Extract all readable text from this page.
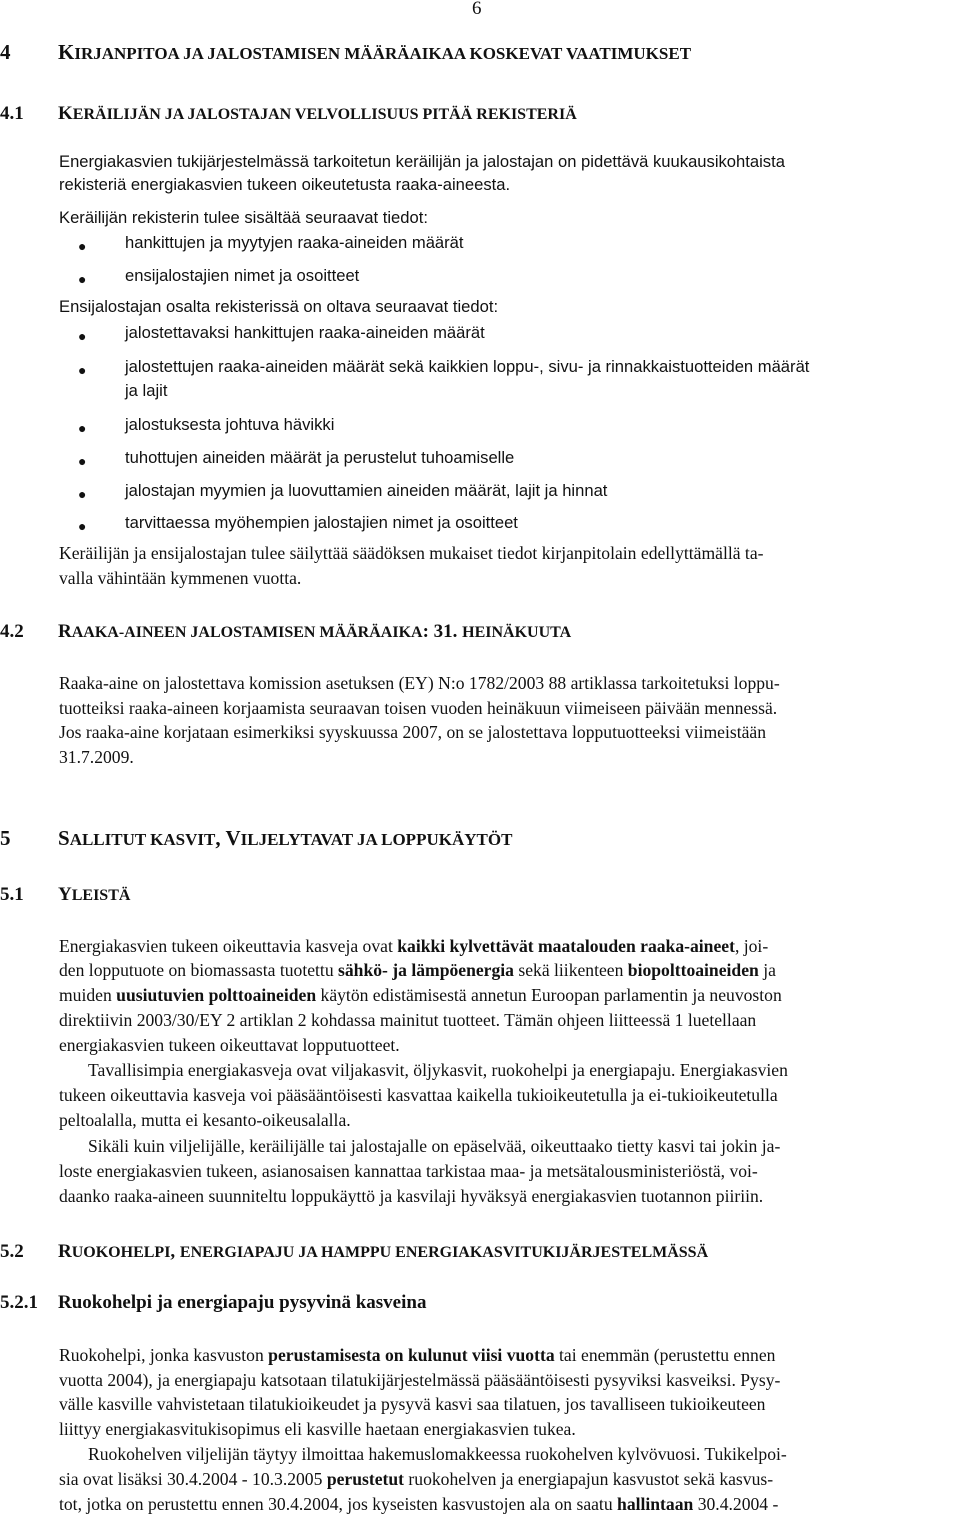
6
4 KIRJANPITOA JA JALOSTAMISEN MÄÄRÄAIKAA KOSKEVAT VAATIMUKSET
4.1 KERÄILIJÄN JA JALOSTAJAN VELVOLLISUUS PITÄÄ REKISTERIÄ
Energiakasvien tukijärjestelmässä tarkoitetun keräilijän ja jalostajan on pidettävä kuukausikohtaista
rekisteriä energiakasvien tukeen oikeutetusta raaka-aineesta.
Keräilijän rekisterin tulee sisältää seuraavat tiedot:
● hankittujen ja myytyjen raaka-aineiden määrät
● ensijalostajien nimet ja osoitteet
Ensijalostajan osalta rekisterissä on oltava seuraavat tiedot:
● jalostettavaksi hankittujen raaka-aineiden määrät
● jalostettujen raaka-aineiden määrät sekä kaikkien loppu-, sivu- ja rinnakkaistuotteiden määrät
ja lajit
● jalostuksesta johtuva hävikki
● tuhottujen aineiden määrät ja perustelut tuhoamiselle
● jalostajan myymien ja luovuttamien aineiden määrät, lajit ja hinnat
● tarvittaessa myöhempien jalostajien nimet ja osoitteet
Keräilijän ja ensijalostajan tulee säilyttää säädöksen mukaiset tiedot kirjanpitolain edellyttämällä ta-
valla vähintään kymmenen vuotta.
4.2 RAAKA-AINEEN JALOSTAMISEN MÄÄRÄAIKA: 31. HEINÄKUUTA
Raaka-aine on jalostettava komission asetuksen (EY) N:o 1782/2003 88 artiklassa tarkoitetuksi loppu-
tuotteiksi raaka-aineen korjaamista seuraavan toisen vuoden heinäkuun viimeiseen päivään mennessä.
Jos raaka-aine korjataan esimerkiksi syyskuussa 2007, on se jalostettava lopputuotteeksi viimeistään
31.7.2009.
5 SALLITUT KASVIT, VILJELYTAVAT JA LOPPUKÄYTÖT
5.1 YLEISTÄ
Energiakasvien tukeen oikeuttavia kasveja ovat kaikki kylvettävät maatalouden raaka-aineet, joi-
den lopputuote on biomassasta tuotettu sähkö- ja lämpöenergia sekä liikenteen biopolttoaineiden ja
muiden uusiutuvien polttoaineiden käytön edistämisestä annetun Euroopan parlamentin ja neuvoston
direktiivin 2003/30/EY 2 artiklan 2 kohdassa mainitut tuotteet. Tämän ohjeen liitteessä 1 luetellaan
energiakasvien tukeen oikeuttavat lopputuotteet.
Tavallisimpia energiakasveja ovat viljakasvit, öljykasvit, ruokohelpi ja energiapaju. Energiakasvien
tukeen oikeuttavia kasveja voi pääsääntöisesti kasvattaa kaikella tukioikeutetulla ja ei-tukioikeutetulla
peltoalalla, mutta ei kesanto-oikeusalalla.
Sikäli kuin viljelijälle, keräilijälle tai jalostajalle on epäselvää, oikeuttaako tietty kasvi tai jokin ja-
loste energiakasvien tukeen, asianosaisen kannattaa tarkistaa maa- ja metsätalousministeriöstä, voi-
daanko raaka-aineen suunniteltu loppukäyttö ja kasvilaji hyväksyä energiakasvien tuotannon piiriin.
5.2 RUOKOHELPI, ENERGIAPAJU JA HAMPPU ENERGIAKASVITUKIJÄRJESTELMÄSSÄ
5.2.1 Ruokohelpi ja energiapaju pysyvinä kasveina
Ruokohelpi, jonka kasvuston perustamisesta on kulunut viisi vuotta tai enemmän (perustettu ennen
vuotta 2004), ja energiapaju katsotaan tilatukijärjestelmässä pääsääntöisesti pysyviksi kasveiksi. Pysy-
välle kasville vahvistetaan tilatukioikeudet ja pysyvä kasvi saa tilatuen, jos tavalliseen tukioikeuteen
liittyy energiakasvitukisopimus eli kasville haetaan energiakasvien tukea.
Ruokohelven viljelijän täytyy ilmoittaa hakemuslomakkeessa ruokohelven kylvövuosi. Tukikelpoi-
sia ovat lisäksi 30.4.2004 - 10.3.2005 perustetut ruokohelven ja energiapajun kasvustot sekä kasvus-
tot, jotka on perustettu ennen 30.4.2004, jos kyseisten kasvustojen ala on saatu hallintaan 30.4.2004 -
